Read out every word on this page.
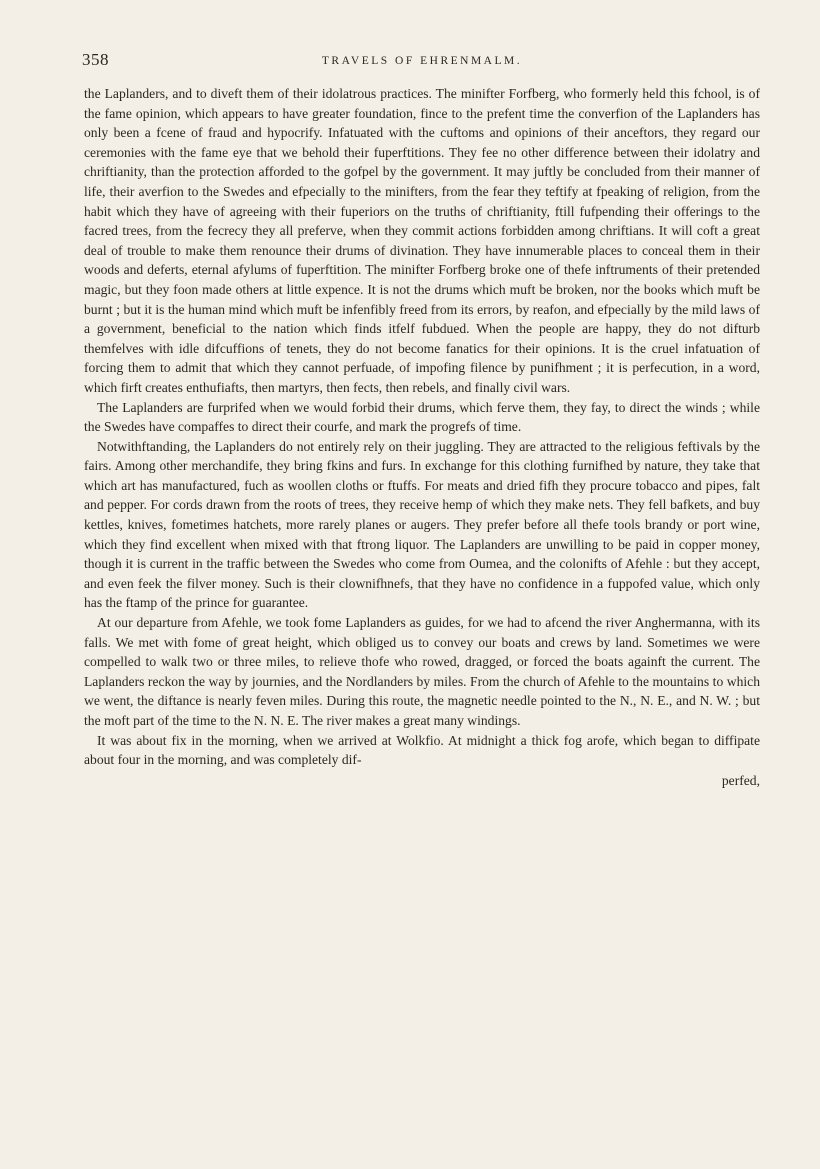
358	TRAVELS OF EHRENMALM.

the Laplanders, and to diveft them of their idolatrous practices. The minifter Forfberg, who formerly held this fchool, is of the fame opinion, which appears to have greater foundation, fince to the prefent time the converfion of the Laplanders has only been a fcene of fraud and hypocrify. Infatuated with the cuftoms and opinions of their anceftors, they regard our ceremonies with the fame eye that we behold their fuperftitions. They fee no other difference between their idolatry and chriftianity, than the protection afforded to the gofpel by the government. It may juftly be concluded from their manner of life, their averfion to the Swedes and efpecially to the minifters, from the fear they teftify at fpeaking of religion, from the habit which they have of agreeing with their fuperiors on the truths of chriftianity, ftill fufpending their offerings to the facred trees, from the fecrecy they all preferve, when they commit actions forbidden among chriftians. It will coft a great deal of trouble to make them renounce their drums of divination. They have innumerable places to conceal them in their woods and deferts, eternal afylums of fuperftition. The minifter Forfberg broke one of thefe inftruments of their pretended magic, but they foon made others at little expence. It is not the drums which muft be broken, nor the books which muft be burnt ; but it is the human mind which muft be infenfibly freed from its errors, by reafon, and efpecially by the mild laws of a government, beneficial to the nation which finds itfelf fubdued. When the people are happy, they do not difturb themfelves with idle difcuffions of tenets, they do not become fanatics for their opinions. It is the cruel infatuation of forcing them to admit that which they cannot perfuade, of impofing filence by punifhment ; it is perfecution, in a word, which firft creates enthufiafts, then martyrs, then fects, then rebels, and finally civil wars.

The Laplanders are furprifed when we would forbid their drums, which ferve them, they fay, to direct the winds ; while the Swedes have compaffes to direct their courfe, and mark the progrefs of time.

Notwithftanding, the Laplanders do not entirely rely on their juggling. They are attracted to the religious feftivals by the fairs. Among other merchandife, they bring fkins and furs. In exchange for this clothing furnifhed by nature, they take that which art has manufactured, fuch as woollen cloths or ftuffs. For meats and dried fifh they procure tobacco and pipes, falt and pepper. For cords drawn from the roots of trees, they receive hemp of which they make nets. They fell bafkets, and buy kettles, knives, fometimes hatchets, more rarely planes or augers. They prefer before all thefe tools brandy or port wine, which they find excellent when mixed with that ftrong liquor. The Laplanders are unwilling to be paid in copper money, though it is current in the traffic between the Swedes who come from Oumea, and the colonifts of Afehle : but they accept, and even feek the filver money. Such is their clownifhnefs, that they have no confidence in a fuppofed value, which only has the ftamp of the prince for guarantee.

At our departure from Afehle, we took fome Laplanders as guides, for we had to afcend the river Anghermanna, with its falls. We met with fome of great height, which obliged us to convey our boats and crews by land. Sometimes we were compelled to walk two or three miles, to relieve thofe who rowed, dragged, or forced the boats againft the current. The Laplanders reckon the way by journies, and the Nordlanders by miles. From the church of Afehle to the mountains to which we went, the diftance is nearly feven miles. During this route, the magnetic needle pointed to the N., N. E., and N. W. ; but the moft part of the time to the N. N. E. The river makes a great many windings.

It was about fix in the morning, when we arrived at Wolkfio. At midnight a thick fog arofe, which began to diffipate about four in the morning, and was completely dif-

perfed,
